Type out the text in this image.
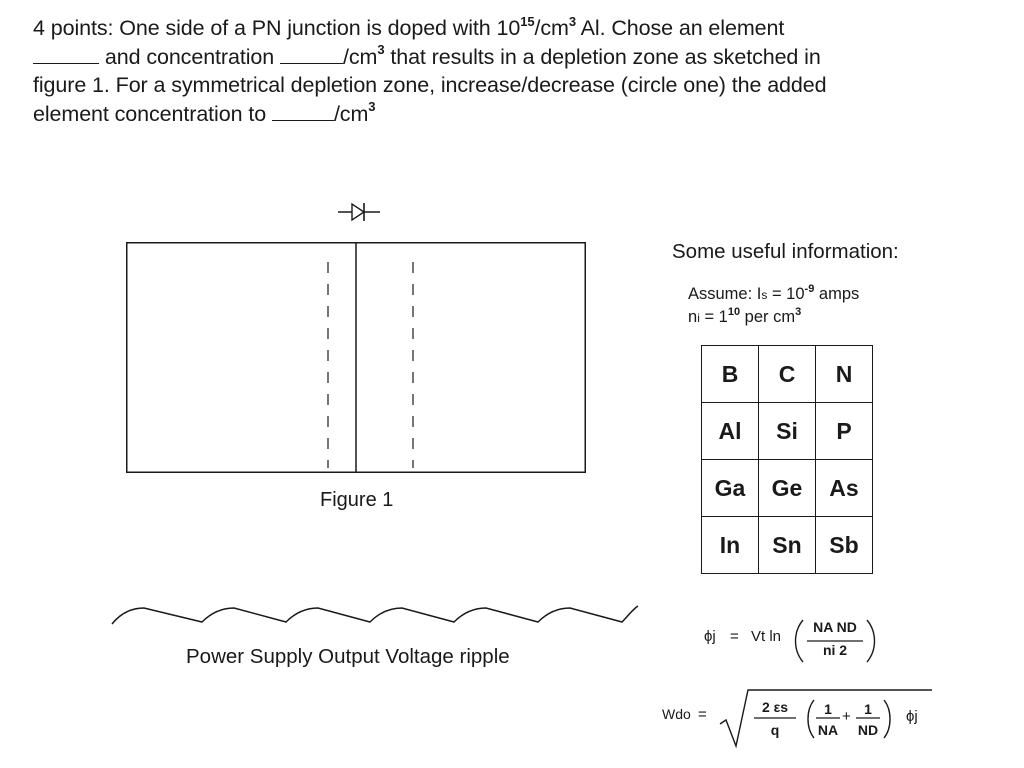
4 points: One side of a PN junction is doped with $10^{15}/cm^3$ Al. Chose an element
and concentration	$/cm^3$ that results in a depletion zone as sketched in
figure 1. For a symmetrical depletion zone, increase/decrease (circle one) the added
element concentration to	$/cm^3$
Figure 1
Power Supply Output Voltage ripple
Some useful information:
Assume: $Is = 10^{-9}$ amps
ni = $1^{10}$ per $cm^3$
B	C	N
Al	Si	P
Ga	Ge	As
In	Sn	Sb
ϕj = Vt ln
NA ND
ni 2
Wdo =	2 εs
q
1
NA
+ 1
ND
ϕj
